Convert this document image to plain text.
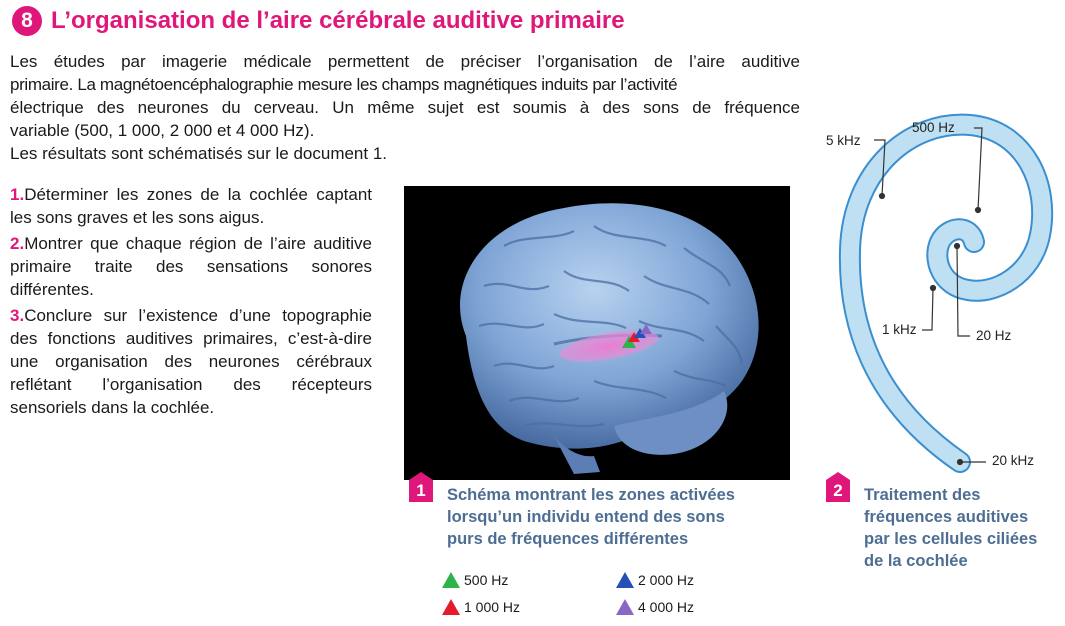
8 L’organisation de l’aire cérébrale auditive primaire

Les études par imagerie médicale permettent de préciser l’organisation de l’aire auditive

primaire. La magnétoencéphalographie mesure les champs magnétiques induits par l’activité

électrique des neurones du cerveau. Un même sujet est soumis à des sons de fréquence

variable (500, 1 000, 2 000 et 4 000 Hz).

Les résultats sont schématisés sur le document 1.

1.Déterminer les zones de la cochlée captant les sons graves et les sons aigus.

2.Montrer que chaque région de l’aire auditive primaire traite des sensations sonores différentes.

3.Conclure sur l’existence d’une topographie des fonctions auditives primaires, c’est-à-dire une organisation des neurones cérébraux reflétant l’organisation des récepteurs sensoriels dans la cochlée.

1	Schéma montrant les zones activées
lorsqu’un individu entend des sons
purs de fréquences différentes
500 Hz	2 000 Hz
1 000 Hz	4 000 Hz
5 kHz
500 Hz
1 kHz	20 Hz
20 kHz
2	Traitement des
fréquences auditives
par les cellules ciliées
de la cochlée
